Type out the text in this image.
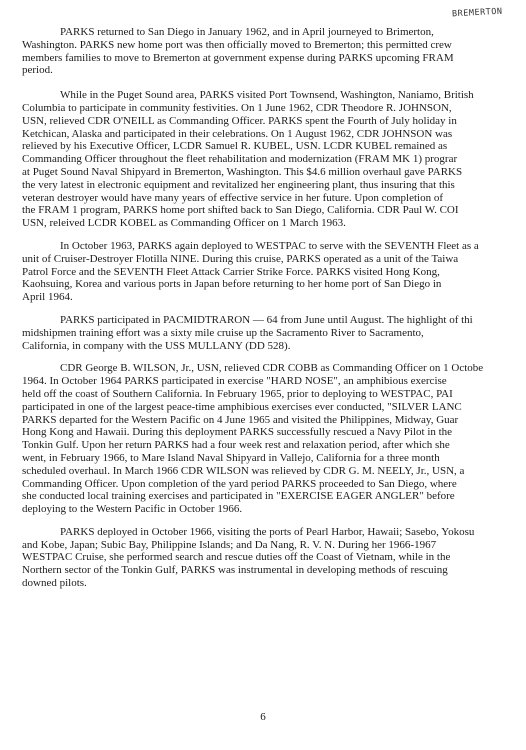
BREMERTON
PARKS returned to San Diego in January 1962, and in April journeyed to Brimerton,
Washington. PARKS new home port was then officially moved to Bremerton; this permitted crew
members families to move to Bremerton at government expense during PARKS upcoming FRAM
period.
While in the Puget Sound area, PARKS visited Port Townsend, Washington, Naniamo, British
Columbia to participate in community festivities. On 1 June 1962, CDR Theodore R. JOHNSON,
USN, relieved CDR O'NEILL as Commanding Officer. PARKS spent the Fourth of July holiday in
Ketchican, Alaska and participated in their celebrations. On 1 August 1962, CDR JOHNSON was
relieved by his Executive Officer, LCDR Samuel R. KUBEL, USN. LCDR KUBEL remained as
Commanding Officer throughout the fleet rehabilitation and modernization (FRAM MK 1) prograr
at Puget Sound Naval Shipyard in Bremerton, Washington. This $4.6 million overhaul gave PARKS
the very latest in electronic equipment and revitalized her engineering plant, thus insuring that this
veteran destroyer would have many years of effective service in her future. Upon completion of
the FRAM 1 program, PARKS home port shifted back to San Diego, California. CDR Paul W. COI
USN, releived LCDR KOBEL as Commanding Officer on 1 March 1963.
In October 1963, PARKS again deployed to WESTPAC to serve with the SEVENTH Fleet as a
unit of Cruiser-Destroyer Flotilla NINE. During this cruise, PARKS operated as a unit of the Taiwa
Patrol Force and the SEVENTH Fleet Attack Carrier Strike Force. PARKS visited Hong Kong,
Kaohsuing, Korea and various ports in Japan before returning to her home port of San Diego in
April 1964.
PARKS participated in PACMIDTRARON — 64 from June until August. The highlight of thi
midshipmen training effort was a sixty mile cruise up the Sacramento River to Sacramento,
California, in company with the USS MULLANY (DD 528).
CDR George B. WILSON, Jr., USN, relieved CDR COBB as Commanding Officer on 1 Octobe
1964. In October 1964 PARKS participated in exercise "HARD NOSE", an amphibious exercise
held off the coast of Southern California. In February 1965, prior to deploying to WESTPAC, PAI
participated in one of the largest peace-time amphibious exercises ever conducted, "SILVER LANC
PARKS departed for the Western Pacific on 4 June 1965 and visited the Philippines, Midway, Guar
Hong Kong and Hawaii. During this deployment PARKS successfully rescued a Navy Pilot in the
Tonkin Gulf. Upon her return PARKS had a four week rest and relaxation period, after which she
went, in February 1966, to Mare Island Naval Shipyard in Vallejo, California for a three month
scheduled overhaul. In March 1966 CDR WILSON was relieved by CDR G. M. NEELY, Jr., USN, a
Commanding Officer. Upon completion of the yard period PARKS proceeded to San Diego, where
she conducted local training exercises and participated in "EXERCISE EAGER ANGLER" before
deploying to the Western Pacific in October 1966.
PARKS deployed in October 1966, visiting the ports of Pearl Harbor, Hawaii; Sasebo, Yokosu
and Kobe, Japan; Subic Bay, Philippine Islands; and Da Nang, R. V. N. During her 1966-1967
WESTPAC Cruise, she performed search and rescue duties off the Coast of Vietnam, while in the
Northern sector of the Tonkin Gulf, PARKS was instrumental in developing methods of rescuing
downed pilots.
6
